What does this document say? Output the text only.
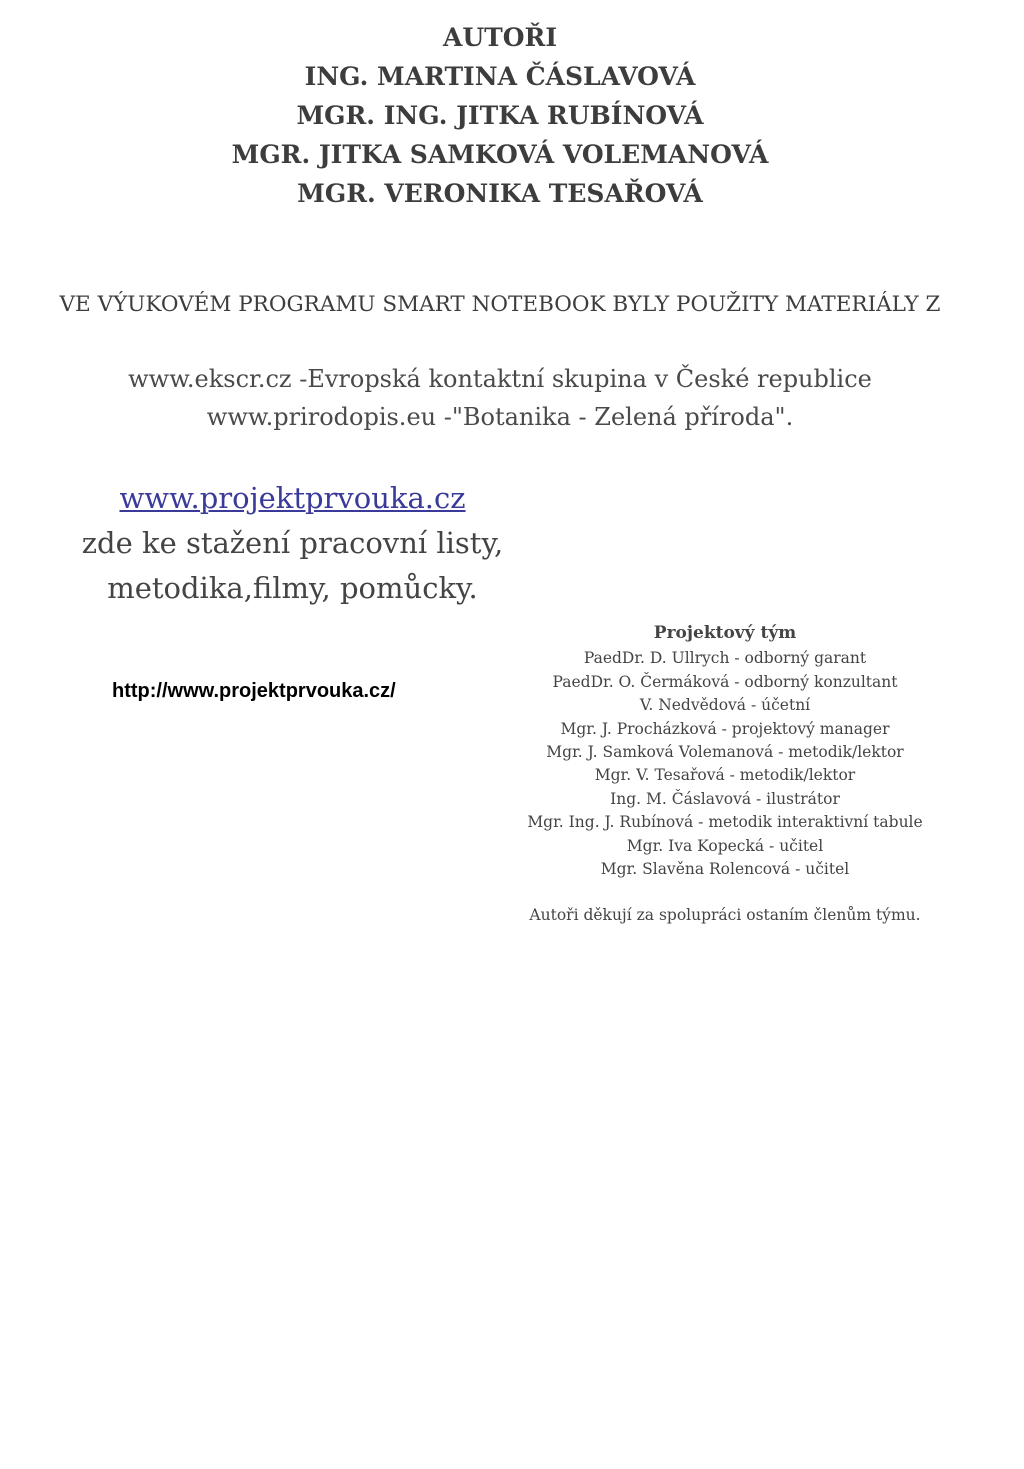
AUTOŘI
ING. MARTINA ČÁSLAVOVÁ
MGR. ING. JITKA RUBÍNOVÁ
MGR. JITKA SAMKOVÁ VOLEMANOVÁ
MGR. VERONIKA TESAŘOVÁ
VE VÝUKOVÉM PROGRAMU SMART NOTEBOOK BYLY POUŽITY MATERIÁLY Z
www.ekscr.cz -Evropská kontaktní skupina v České republice
www.prirodopis.eu -"Botanika - Zelená příroda".
www.projektprvouka.cz
zde ke stažení pracovní listy,
metodika,filmy, pomůcky.
http://www.projektprvouka.cz/
Projektový tým
PaedDr. D. Ullrych - odborný garant
PaedDr. O. Čermáková - odborný konzultant
V. Nedvědová - účetní
Mgr. J. Procházková - projektový manager
Mgr. J. Samková Volemanová - metodik/lektor
Mgr. V. Tesařová - metodik/lektor
Ing. M. Čáslavová - ilustrátor
Mgr. Ing. J. Rubínová - metodik interaktivní tabule
Mgr. Iva Kopecká - učitel
Mgr. Slavěna Rolencová - učitel
Autoři děkují za spolupráci ostaním členům týmu.
